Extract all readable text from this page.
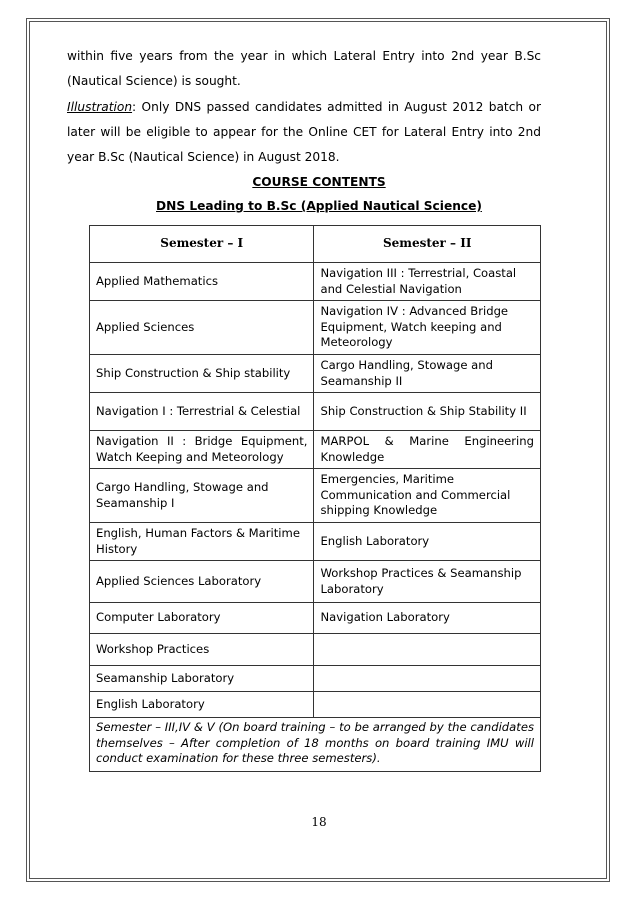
within five years from the year in which Lateral Entry into 2nd year B.Sc (Nautical Science) is sought.

Illustration: Only DNS passed candidates admitted in August 2012 batch or later will be eligible to appear for the Online CET for Lateral Entry into 2nd year B.Sc (Nautical Science) in August 2018.

COURSE CONTENTS
DNS Leading to B.Sc (Applied Nautical Science)
Semester – I	Semester – II
Applied Mathematics	Navigation III : Terrestrial, Coastal and Celestial Navigation
Applied Sciences	Navigation IV : Advanced Bridge Equipment, Watch keeping and Meteorology
Ship Construction & Ship stability	Cargo Handling, Stowage and Seamanship II
Navigation I : Terrestrial & Celestial	Ship Construction & Ship Stability II
Navigation II : Bridge Equipment, Watch Keeping and Meteorology	MARPOL & Marine Engineering Knowledge
Cargo Handling, Stowage and Seamanship I	Emergencies, Maritime Communication and Commercial shipping Knowledge
English, Human Factors & Maritime History	English Laboratory
Applied Sciences Laboratory	Workshop Practices & Seamanship Laboratory
Computer Laboratory	Navigation Laboratory
Workshop Practices	
Seamanship Laboratory	
English Laboratory	
Semester – III,IV & V (On board training – to be arranged by the candidates themselves – After completion of 18 months on board training IMU will conduct examination for these three semesters).	
18
